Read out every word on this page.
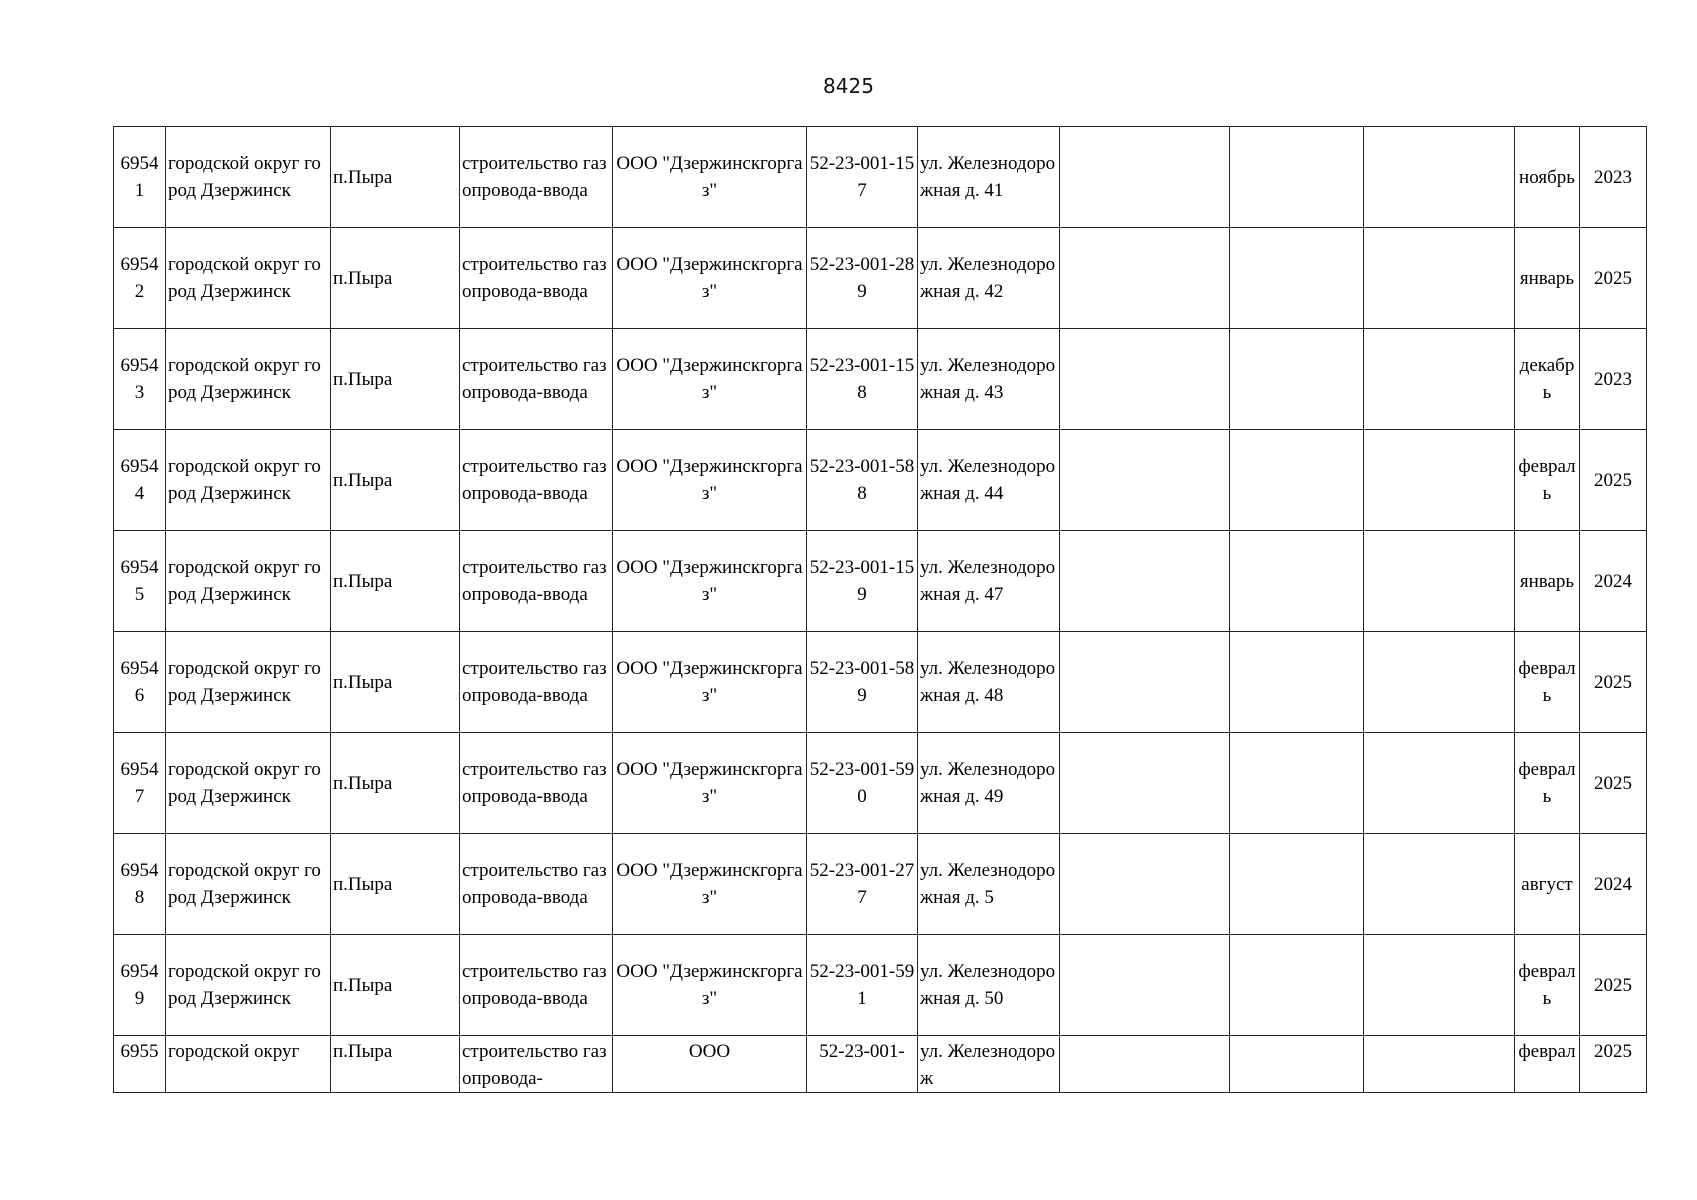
8425
69541	городской округ город Дзержинск	п.Пыра	строительство газопровода-ввода	ООО "Дзержинскгоргаз"	52-23-001-157	ул. Железнодорожная д. 41				ноябрь	2023

69542	городской округ город Дзержинск	п.Пыра	строительство газопровода-ввода	ООО "Дзержинскгоргаз"	52-23-001-289	ул. Железнодорожная д. 42				январь	2025

69543	городской округ город Дзержинск	п.Пыра	строительство газопровода-ввода	ООО "Дзержинскгоргаз"	52-23-001-158	ул. Железнодорожная д. 43				декабрь	2023

69544	городской округ город Дзержинск	п.Пыра	строительство газопровода-ввода	ООО "Дзержинскгоргаз"	52-23-001-588	ул. Железнодорожная д. 44				февраль	2025

69545	городской округ город Дзержинск	п.Пыра	строительство газопровода-ввода	ООО "Дзержинскгоргаз"	52-23-001-159	ул. Железнодорожная д. 47				январь	2024

69546	городской округ город Дзержинск	п.Пыра	строительство газопровода-ввода	ООО "Дзержинскгоргаз"	52-23-001-589	ул. Железнодорожная д. 48				февраль	2025

69547	городской округ город Дзержинск	п.Пыра	строительство газопровода-ввода	ООО "Дзержинскгоргаз"	52-23-001-590	ул. Железнодорожная д. 49				февраль	2025

69548	городской округ город Дзержинск	п.Пыра	строительство газопровода-ввода	ООО "Дзержинскгоргаз"	52-23-001-277	ул. Железнодорожная д. 5				август	2024

69549	городской округ город Дзержинск	п.Пыра	строительство газопровода-ввода	ООО "Дзержинскгоргаз"	52-23-001-591	ул. Железнодорожная д. 50				февраль	2025

6955	городской округ	п.Пыра	строительство газопровода-	ООО	52-23-001-	ул. Железнодорож				феврал	2025
